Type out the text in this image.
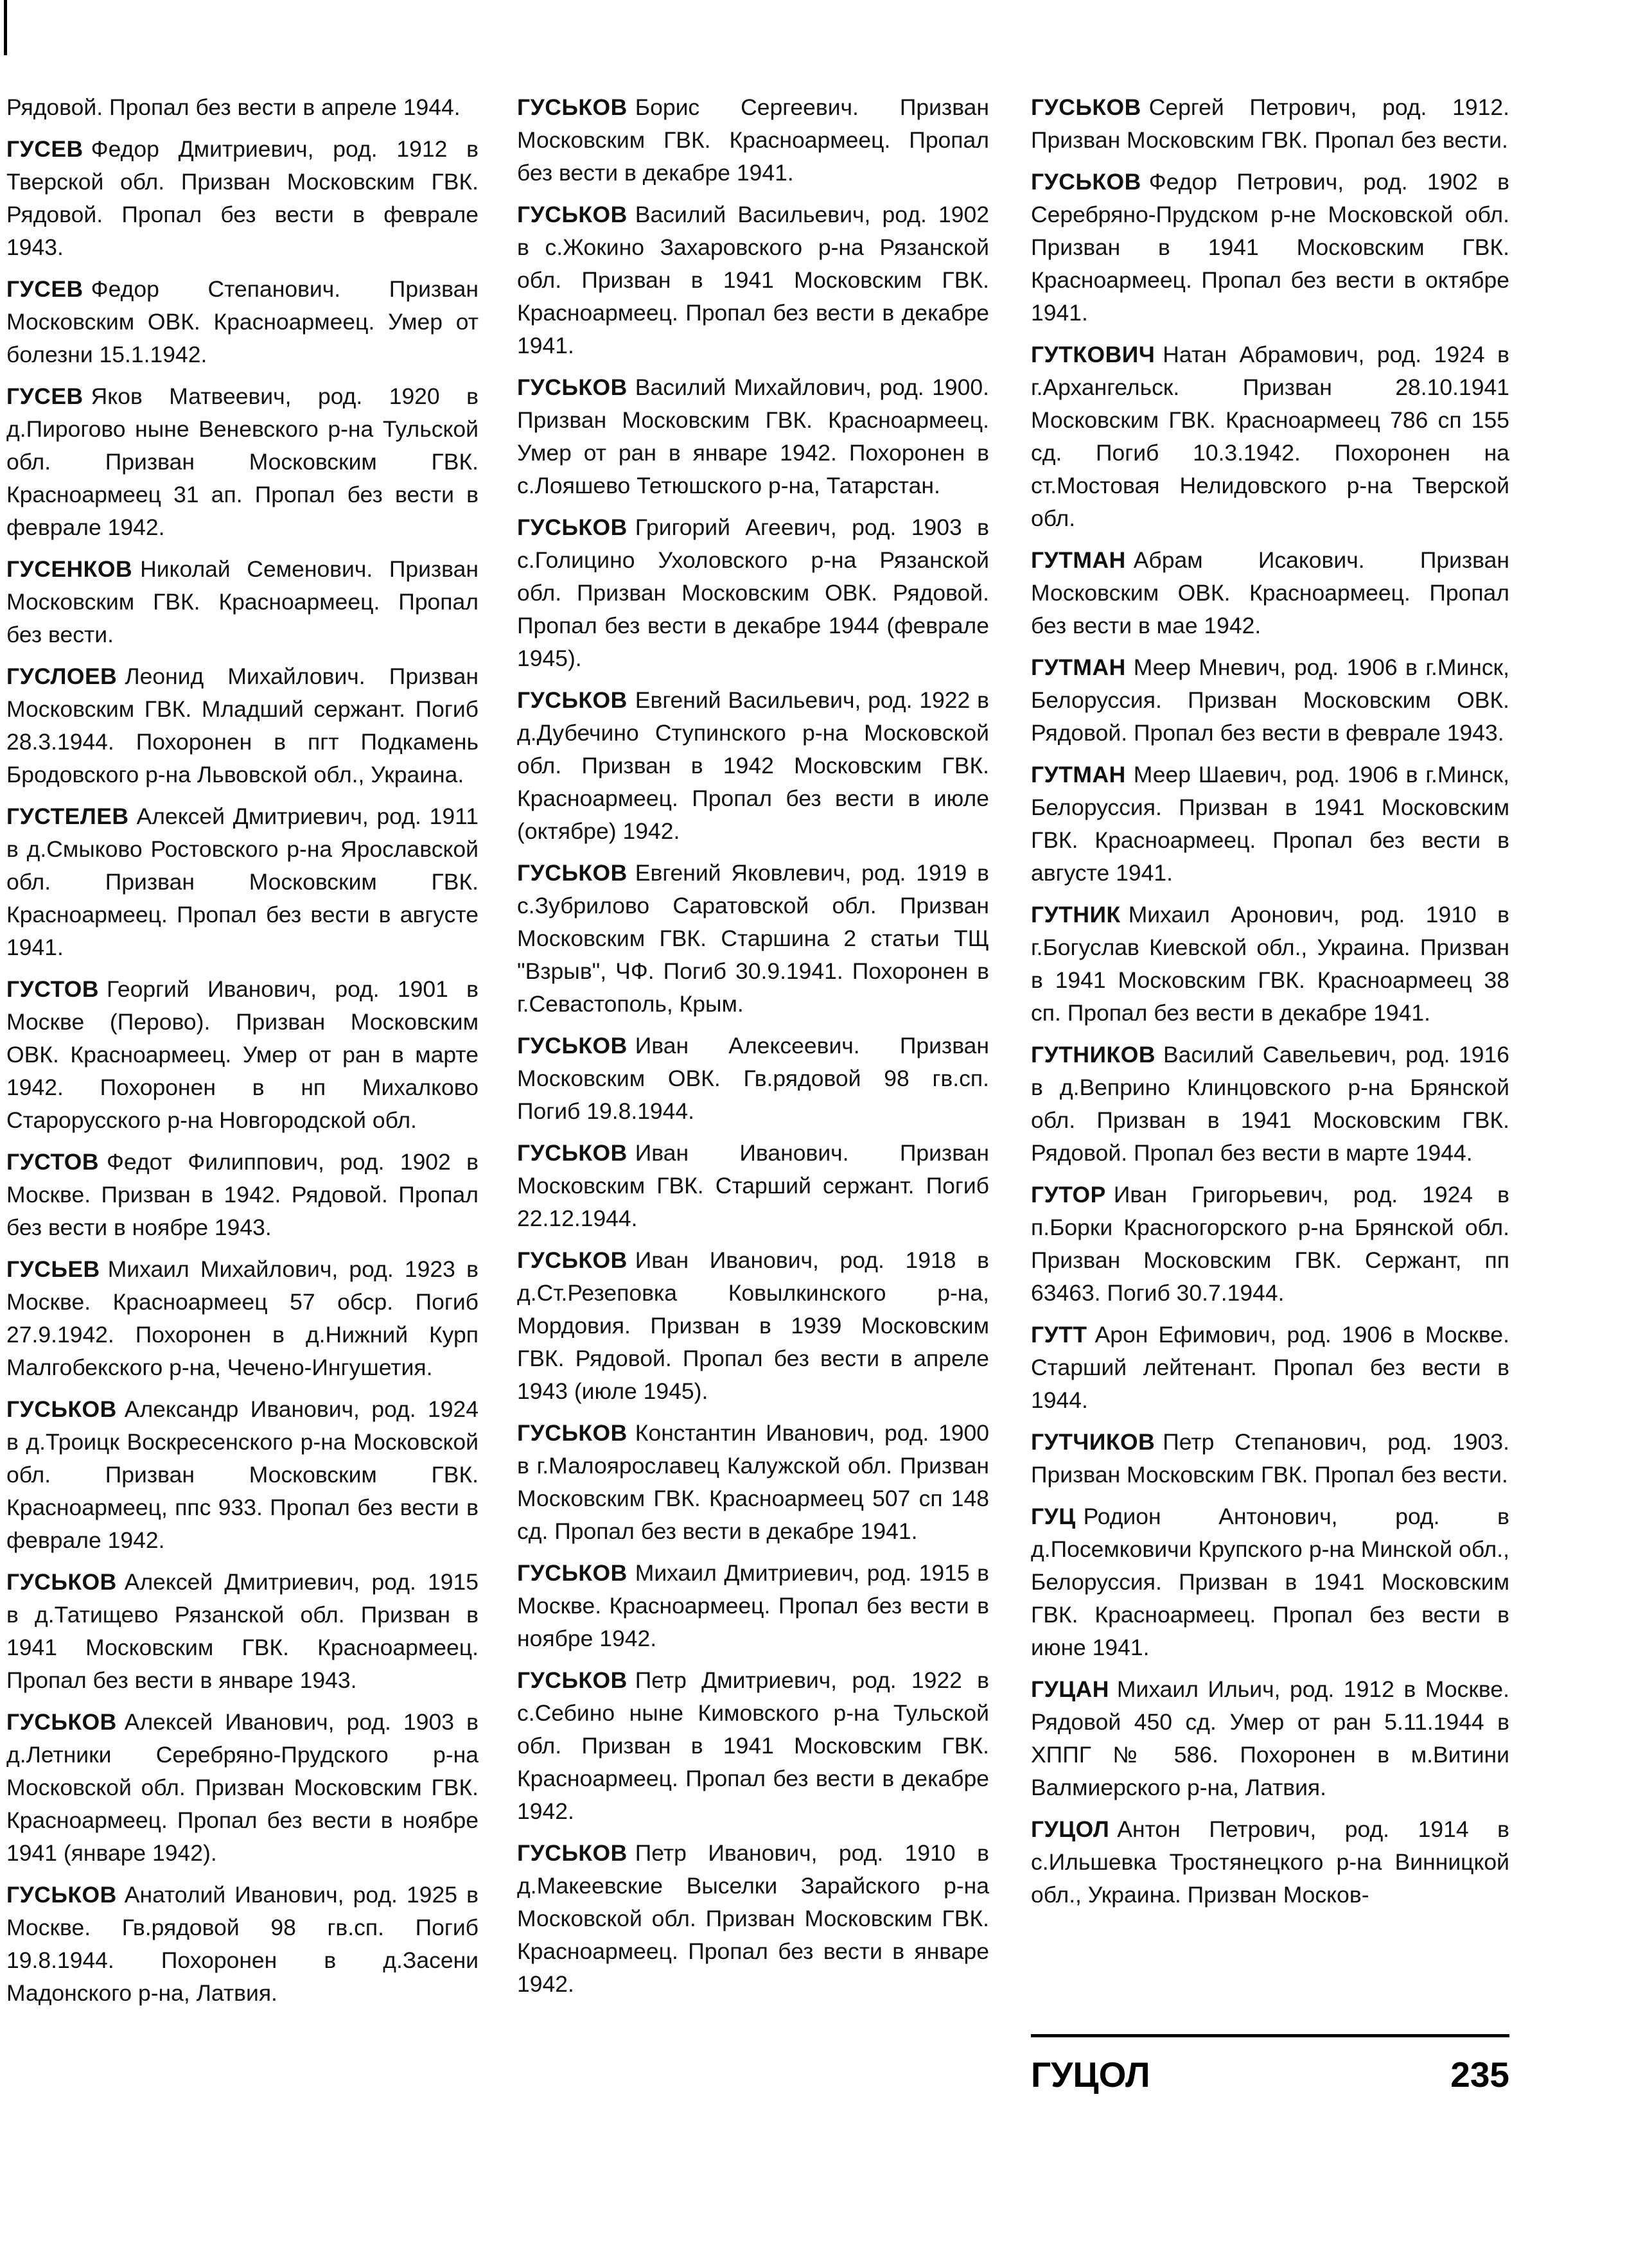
Рядовой. Пропал без вести в апреле 1944.

ГУСЕВ Федор Дмитриевич, род. 1912 в Тверской обл. Призван Московским ГВК. Рядовой. Пропал без вести в феврале 1943.

ГУСЕВ Федор Степанович. Призван Московским ОВК. Красноармеец. Умер от болезни 15.1.1942.

ГУСЕВ Яков Матвеевич, род. 1920 в д.Пирогово ныне Веневского р-на Тульской обл. Призван Московским ГВК. Красноармеец 31 ап. Пропал без вести в феврале 1942.

ГУСЕНКОВ Николай Семенович. Призван Московским ГВК. Красноармеец. Пропал без вести.

ГУСЛОЕВ Леонид Михайлович. Призван Московским ГВК. Младший сержант. Погиб 28.3.1944. Похоронен в пгт Подкамень Бродовского р-на Львовской обл., Украина.

ГУСТЕЛЕВ Алексей Дмитриевич, род. 1911 в д.Смыково Ростовского р-на Ярославской обл. Призван Московским ГВК. Красноармеец. Пропал без вести в августе 1941.

ГУСТОВ Георгий Иванович, род. 1901 в Москве (Перово). Призван Московским ОВК. Красноармеец. Умер от ран в марте 1942. Похоронен в нп Михалково Старорусского р-на Новгородской обл.

ГУСТОВ Федот Филиппович, род. 1902 в Москве. Призван в 1942. Рядовой. Пропал без вести в ноябре 1943.

ГУСЬЕВ Михаил Михайлович, род. 1923 в Москве. Красноармеец 57 обср. Погиб 27.9.1942. Похоронен в д.Нижний Курп Малгобекского р-на, Чечено-Ингушетия.

ГУСЬКОВ Александр Иванович, род. 1924 в д.Троицк Воскресенского р-на Московской обл. Призван Московским ГВК. Красноармеец, ппс 933. Пропал без вести в феврале 1942.

ГУСЬКОВ Алексей Дмитриевич, род. 1915 в д.Татищево Рязанской обл. Призван в 1941 Московским ГВК. Красноармеец. Пропал без вести в январе 1943.

ГУСЬКОВ Алексей Иванович, род. 1903 в д.Летники Серебряно-Прудского р-на Московской обл. Призван Московским ГВК. Красноармеец. Пропал без вести в ноябре 1941 (январе 1942).

ГУСЬКОВ Анатолий Иванович, род. 1925 в Москве. Гв.рядовой 98 гв.сп. Погиб 19.8.1944. Похоронен в д.Засени Мадонского р-на, Латвия.

ГУСЬКОВ Борис Сергеевич. Призван Московским ГВК. Красноармеец. Пропал без вести в декабре 1941.

ГУСЬКОВ Василий Васильевич, род. 1902 в с.Жокино Захаровского р-на Рязанской обл. Призван в 1941 Московским ГВК. Красноармеец. Пропал без вести в декабре 1941.

ГУСЬКОВ Василий Михайлович, род. 1900. Призван Московским ГВК. Красноармеец. Умер от ран в январе 1942. Похоронен в с.Лояшево Тетюшского р-на, Татарстан.

ГУСЬКОВ Григорий Агеевич, род. 1903 в с.Голицино Ухоловского р-на Рязанской обл. Призван Московским ОВК. Рядовой. Пропал без вести в декабре 1944 (феврале 1945).

ГУСЬКОВ Евгений Васильевич, род. 1922 в д.Дубечино Ступинского р-на Московской обл. Призван в 1942 Московским ГВК. Красноармеец. Пропал без вести в июле (октябре) 1942.

ГУСЬКОВ Евгений Яковлевич, род. 1919 в с.Зубрилово Саратовской обл. Призван Московским ГВК. Старшина 2 статьи ТЩ "Взрыв", ЧФ. Погиб 30.9.1941. Похоронен в г.Севастополь, Крым.

ГУСЬКОВ Иван Алексеевич. Призван Московским ОВК. Гв.рядовой 98 гв.сп. Погиб 19.8.1944.

ГУСЬКОВ Иван Иванович. Призван Московским ГВК. Старший сержант. Погиб 22.12.1944.

ГУСЬКОВ Иван Иванович, род. 1918 в д.Ст.Резеповка Ковылкинского р-на, Мордовия. Призван в 1939 Московским ГВК. Рядовой. Пропал без вести в апреле 1943 (июле 1945).

ГУСЬКОВ Константин Иванович, род. 1900 в г.Малоярославец Калужской обл. Призван Московским ГВК. Красноармеец 507 сп 148 сд. Пропал без вести в декабре 1941.

ГУСЬКОВ Михаил Дмитриевич, род. 1915 в Москве. Красноармеец. Пропал без вести в ноябре 1942.

ГУСЬКОВ Петр Дмитриевич, род. 1922 в с.Себино ныне Кимовского р-на Тульской обл. Призван в 1941 Московским ГВК. Красноармеец. Пропал без вести в декабре 1942.

ГУСЬКОВ Петр Иванович, род. 1910 в д.Макеевские Выселки Зарайского р-на Московской обл. Призван Московским ГВК. Красноармеец. Пропал без вести в январе 1942.

ГУСЬКОВ Сергей Петрович, род. 1912. Призван Московским ГВК. Пропал без вести.

ГУСЬКОВ Федор Петрович, род. 1902 в Серебряно-Прудском р-не Московской обл. Призван в 1941 Московским ГВК. Красноармеец. Пропал без вести в октябре 1941.

ГУТКОВИЧ Натан Абрамович, род. 1924 в г.Архангельск. Призван 28.10.1941 Московским ГВК. Красноармеец 786 сп 155 сд. Погиб 10.3.1942. Похоронен на ст.Мостовая Нелидовского р-на Тверской обл.

ГУТМАН Абрам Исакович. Призван Московским ОВК. Красноармеец. Пропал без вести в мае 1942.

ГУТМАН Меер Мневич, род. 1906 в г.Минск, Белоруссия. Призван Московским ОВК. Рядовой. Пропал без вести в феврале 1943.

ГУТМАН Меер Шаевич, род. 1906 в г.Минск, Белоруссия. Призван в 1941 Московским ГВК. Красноармеец. Пропал без вести в августе 1941.

ГУТНИК Михаил Аронович, род. 1910 в г.Богуслав Киевской обл., Украина. Призван в 1941 Московским ГВК. Красноармеец 38 сп. Пропал без вести в декабре 1941.

ГУТНИКОВ Василий Савельевич, род. 1916 в д.Веприно Клинцовского р-на Брянской обл. Призван в 1941 Московским ГВК. Рядовой. Пропал без вести в марте 1944.

ГУТОР Иван Григорьевич, род. 1924 в п.Борки Красногорского р-на Брянской обл. Призван Московским ГВК. Сержант, пп 63463. Погиб 30.7.1944.

ГУТТ Арон Ефимович, род. 1906 в Москве. Старший лейтенант. Пропал без вести в 1944.

ГУТЧИКОВ Петр Степанович, род. 1903. Призван Московским ГВК. Пропал без вести.

ГУЦ Родион Антонович, род. в д.Посемковичи Крупского р-на Минской обл., Белоруссия. Призван в 1941 Московским ГВК. Красноармеец. Пропал без вести в июне 1941.

ГУЦАН Михаил Ильич, род. 1912 в Москве. Рядовой 450 сд. Умер от ран 5.11.1944 в ХППГ № 586. Похоронен в м.Витини Валмиерского р-на, Латвия.

ГУЦОЛ Антон Петрович, род. 1914 в с.Ильшевка Тростянецкого р-на Винницкой обл., Украина. Призван Москов-

ГУЦОЛ	235
